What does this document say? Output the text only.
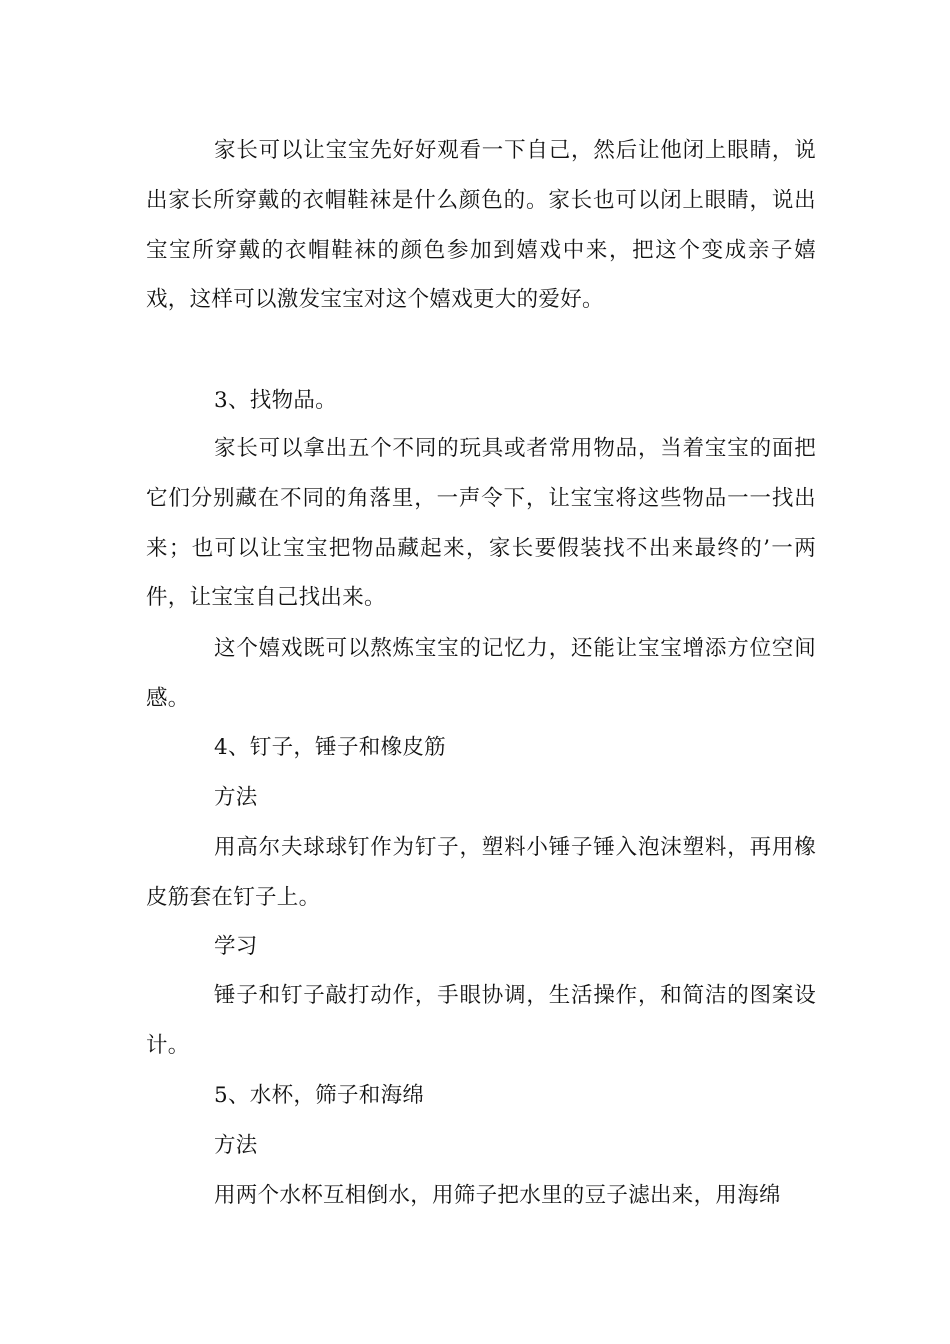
家长可以让宝宝先好好观看一下自己，然后让他闭上眼睛，说出家长所穿戴的衣帽鞋袜是什么颜色的。家长也可以闭上眼睛，说出宝宝所穿戴的衣帽鞋袜的颜色参加到嬉戏中来，把这个变成亲子嬉戏，这样可以激发宝宝对这个嬉戏更大的爱好。

3、找物品。

家长可以拿出五个不同的玩具或者常用物品，当着宝宝的面把它们分别藏在不同的角落里，一声令下，让宝宝将这些物品一一找出来；也可以让宝宝把物品藏起来，家长要假装找不出来最终的’一两件，让宝宝自己找出来。

这个嬉戏既可以熬炼宝宝的记忆力，还能让宝宝增添方位空间感。

4、钉子，锤子和橡皮筋

方法

用高尔夫球球钉作为钉子，塑料小锤子锤入泡沫塑料，再用橡皮筋套在钉子上。

学习

锤子和钉子敲打动作，手眼协调，生活操作，和简洁的图案设计。

5、水杯，筛子和海绵

方法

用两个水杯互相倒水，用筛子把水里的豆子滤出来，用海绵
